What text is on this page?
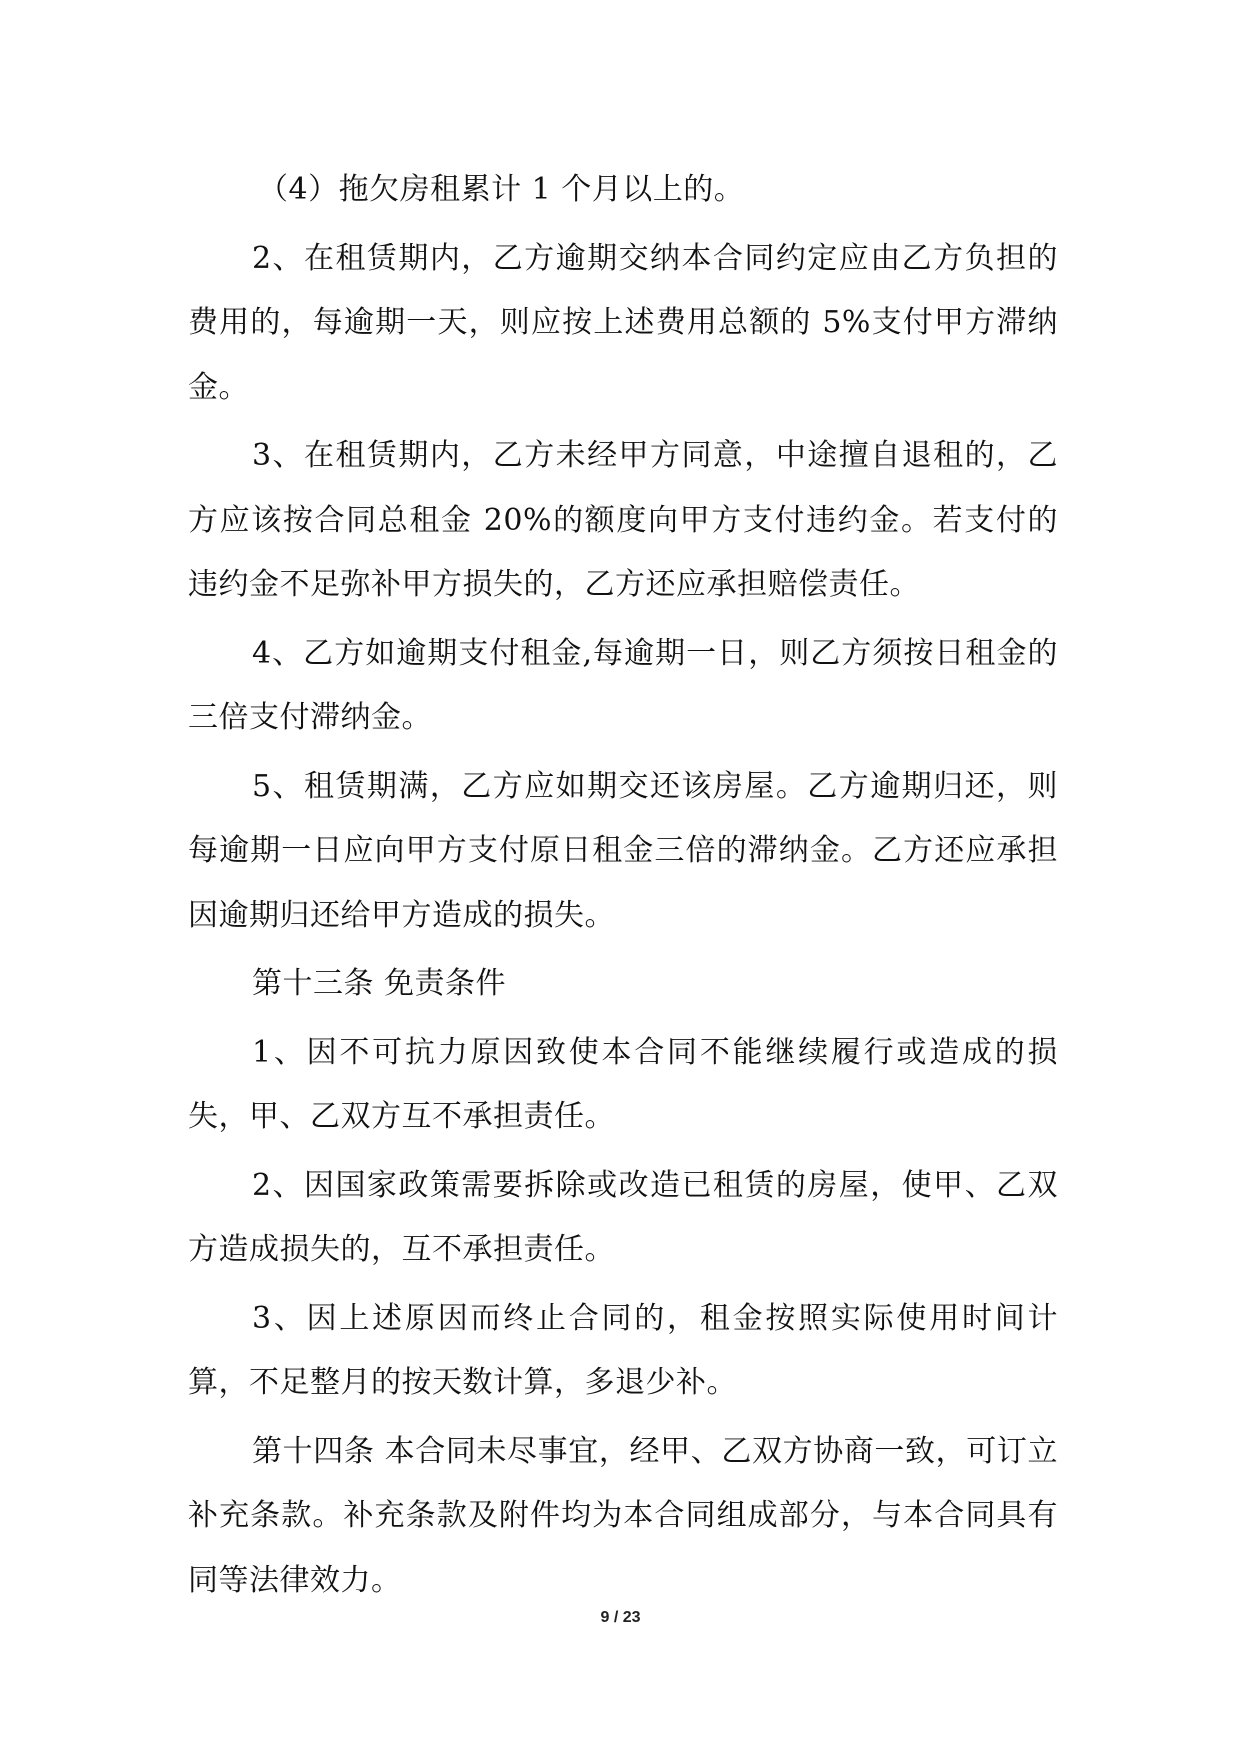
（4）拖欠房租累计 1 个月以上的。

2、在租赁期内，乙方逾期交纳本合同约定应由乙方负担的费用的，每逾期一天，则应按上述费用总额的 5%支付甲方滞纳金。

3、在租赁期内，乙方未经甲方同意，中途擅自退租的，乙方应该按合同总租金 20%的额度向甲方支付违约金。若支付的违约金不足弥补甲方损失的，乙方还应承担赔偿责任。

4、乙方如逾期支付租金,每逾期一日，则乙方须按日租金的三倍支付滞纳金。

5、租赁期满，乙方应如期交还该房屋。乙方逾期归还，则每逾期一日应向甲方支付原日租金三倍的滞纳金。乙方还应承担因逾期归还给甲方造成的损失。

第十三条 免责条件

1、因不可抗力原因致使本合同不能继续履行或造成的损失，甲、乙双方互不承担责任。

2、因国家政策需要拆除或改造已租赁的房屋，使甲、乙双方造成损失的，互不承担责任。

3、因上述原因而终止合同的，租金按照实际使用时间计算，不足整月的按天数计算，多退少补。

第十四条 本合同未尽事宜，经甲、乙双方协商一致，可订立补充条款。补充条款及附件均为本合同组成部分，与本合同具有同等法律效力。

9 / 23
